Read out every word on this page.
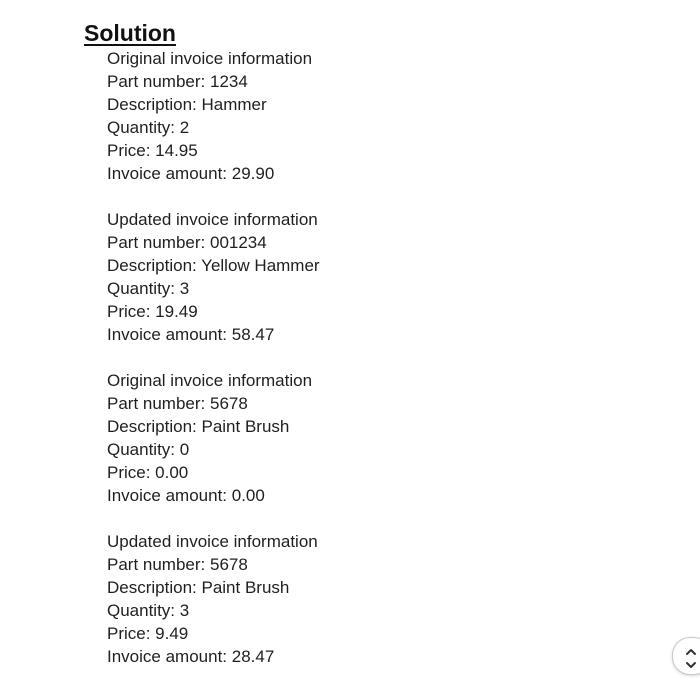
Solution
Original invoice information
Part number: 1234
Description: Hammer
Quantity: 2
Price: 14.95
Invoice amount: 29.90
Updated invoice information
Part number: 001234
Description: Yellow Hammer
Quantity: 3
Price: 19.49
Invoice amount: 58.47
Original invoice information
Part number: 5678
Description: Paint Brush
Quantity: 0
Price: 0.00
Invoice amount: 0.00
Updated invoice information
Part number: 5678
Description: Paint Brush
Quantity: 3
Price: 9.49
Invoice amount: 28.47
